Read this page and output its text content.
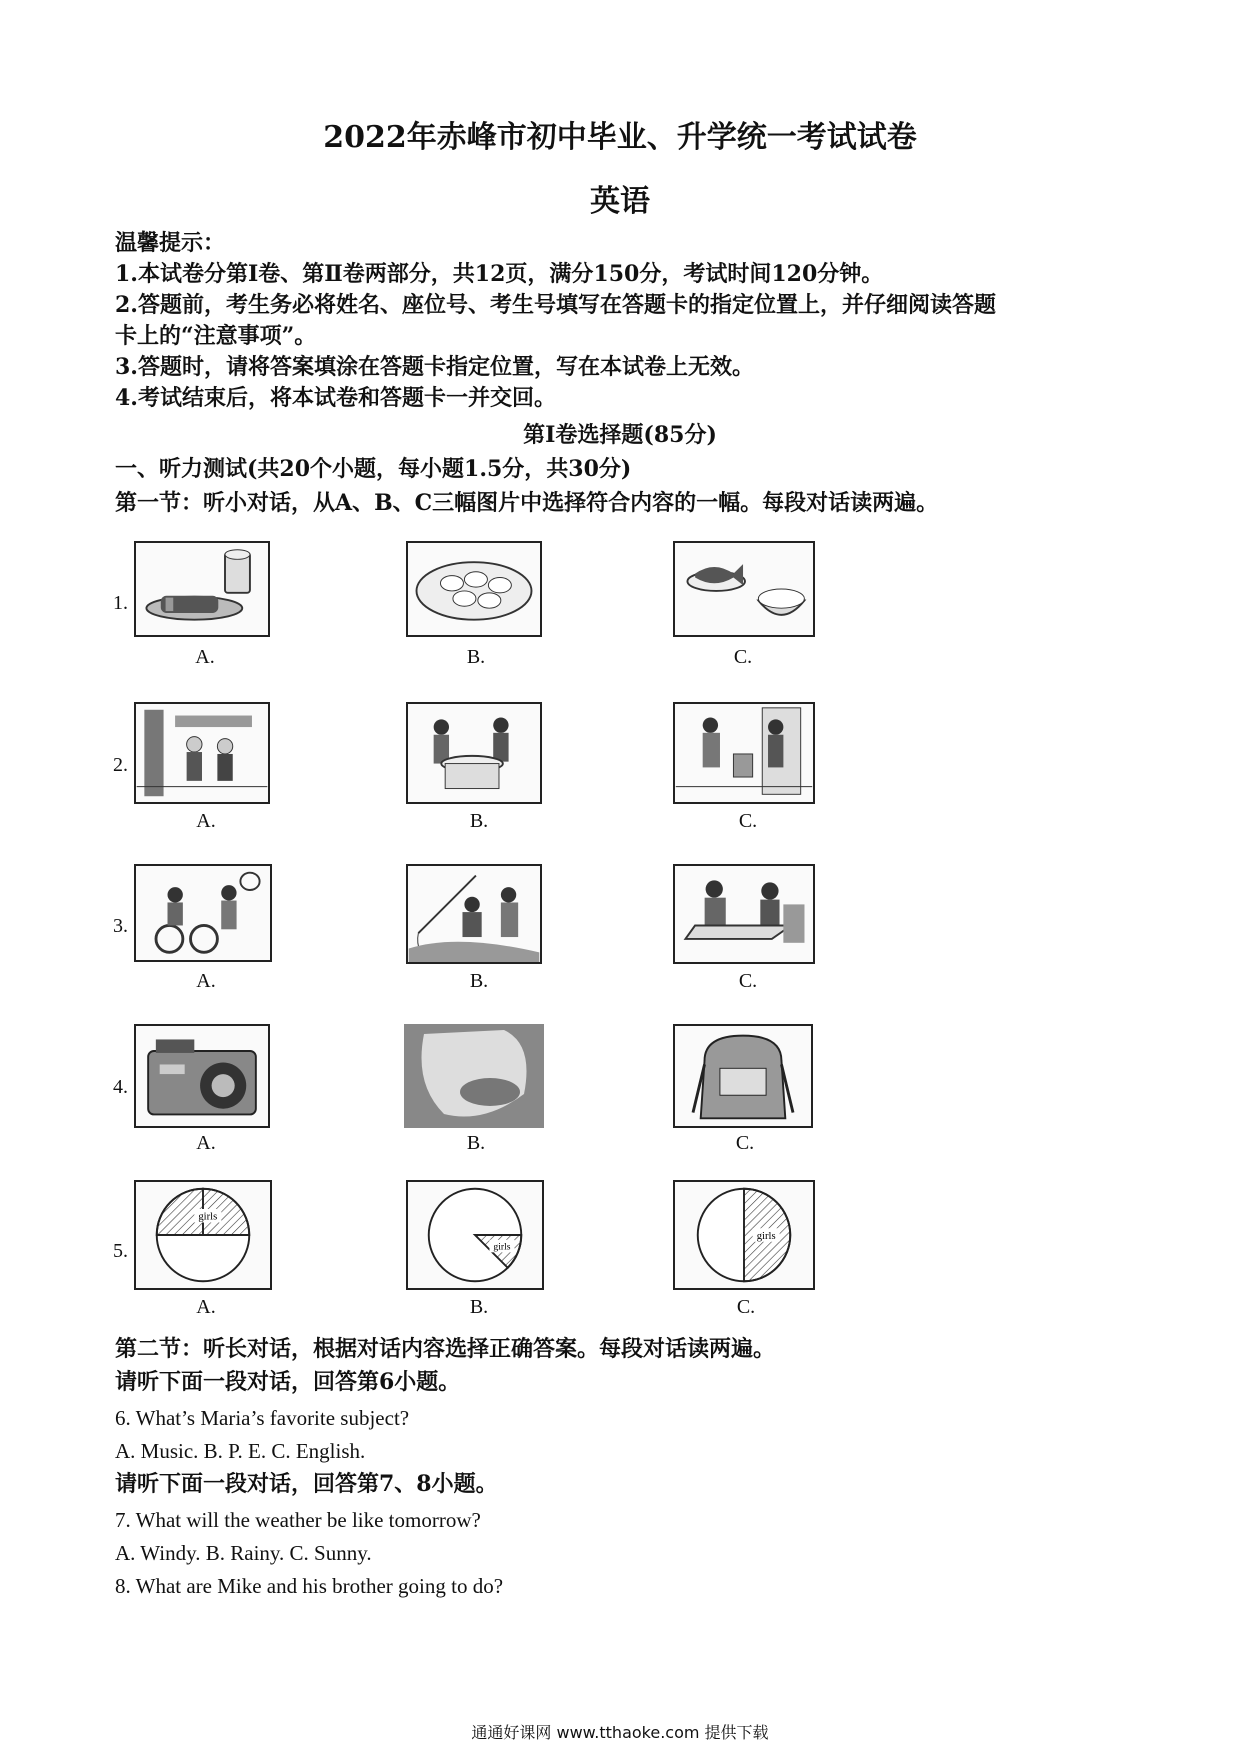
2022年赤峰市初中毕业、升学统一考试试卷
英语
温馨提示：
1.本试卷分第Ⅰ卷、第Ⅱ卷两部分，共12页，满分150分，考试时间120分钟。
2.答题前，考生务必将姓名、座位号、考生号填写在答题卡的指定位置上，并仔细阅读答题
卡上的“注意事项”。
3.答题时，请将答案填涂在答题卡指定位置，写在本试卷上无效。
4.考试结束后，将本试卷和答题卡一并交回。
第Ⅰ卷选择题(85分)
一、听力测试(共20个小题，每小题1.5分，共30分)
第一节：听小对话，从A、B、C三幅图片中选择符合内容的一幅。每段对话读两遍。
1.
A.	B.	C.
2.
A.	B.	C.
3.
A.	B.	C.
4.
A.	B.	C.
5.
girls
girls
girls
A.	B.	C.
第二节：听长对话，根据对话内容选择正确答案。每段对话读两遍。
请听下面一段对话，回答第6小题。
6. What’s Maria’s favorite subject?
A. Music. B. P. E. C. English.
请听下面一段对话，回答第7、8小题。
7. What will the weather be like tomorrow?
A. Windy. B. Rainy. C. Sunny.
8. What are Mike and his brother going to do?
通通好课网 www.tthaoke.com 提供下载
